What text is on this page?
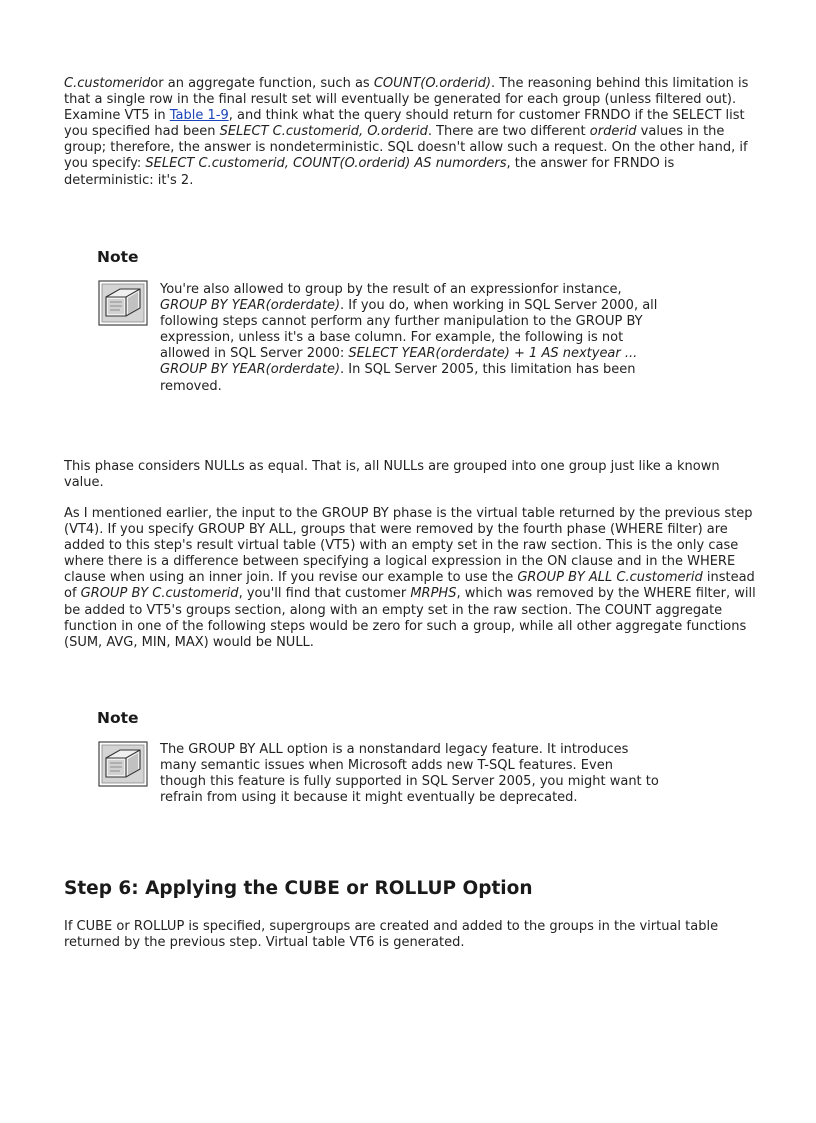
C.customeridor an aggregate function, such as COUNT(O.orderid). The reasoning behind this limitation is that a single row in the final result set will eventually be generated for each group (unless filtered out). Examine VT5 in Table 1-9, and think what the query should return for customer FRNDO if the SELECT list you specified had been SELECT C.customerid, O.orderid. There are two different orderid values in the group; therefore, the answer is nondeterministic. SQL doesn't allow such a request. On the other hand, if you specify: SELECT C.customerid, COUNT(O.orderid) AS numorders, the answer for FRNDO is deterministic: it's 2.

Note

You're also allowed to group by the result of an expressionfor instance, GROUP BY YEAR(orderdate). If you do, when working in SQL Server 2000, all following steps cannot perform any further manipulation to the GROUP BY expression, unless it's a base column. For example, the following is not allowed in SQL Server 2000: SELECT YEAR(orderdate) + 1 AS nextyear ... GROUP BY YEAR(orderdate). In SQL Server 2005, this limitation has been removed.

This phase considers NULLs as equal. That is, all NULLs are grouped into one group just like a known value.

As I mentioned earlier, the input to the GROUP BY phase is the virtual table returned by the previous step (VT4). If you specify GROUP BY ALL, groups that were removed by the fourth phase (WHERE filter) are added to this step's result virtual table (VT5) with an empty set in the raw section. This is the only case where there is a difference between specifying a logical expression in the ON clause and in the WHERE clause when using an inner join. If you revise our example to use the GROUP BY ALL C.customerid instead of GROUP BY C.customerid, you'll find that customer MRPHS, which was removed by the WHERE filter, will be added to VT5's groups section, along with an empty set in the raw section. The COUNT aggregate function in one of the following steps would be zero for such a group, while all other aggregate functions (SUM, AVG, MIN, MAX) would be NULL.

Note

The GROUP BY ALL option is a nonstandard legacy feature. It introduces many semantic issues when Microsoft adds new T-SQL features. Even though this feature is fully supported in SQL Server 2005, you might want to refrain from using it because it might eventually be deprecated.

Step 6: Applying the CUBE or ROLLUP Option

If CUBE or ROLLUP is specified, supergroups are created and added to the groups in the virtual table returned by the previous step. Virtual table VT6 is generated.
